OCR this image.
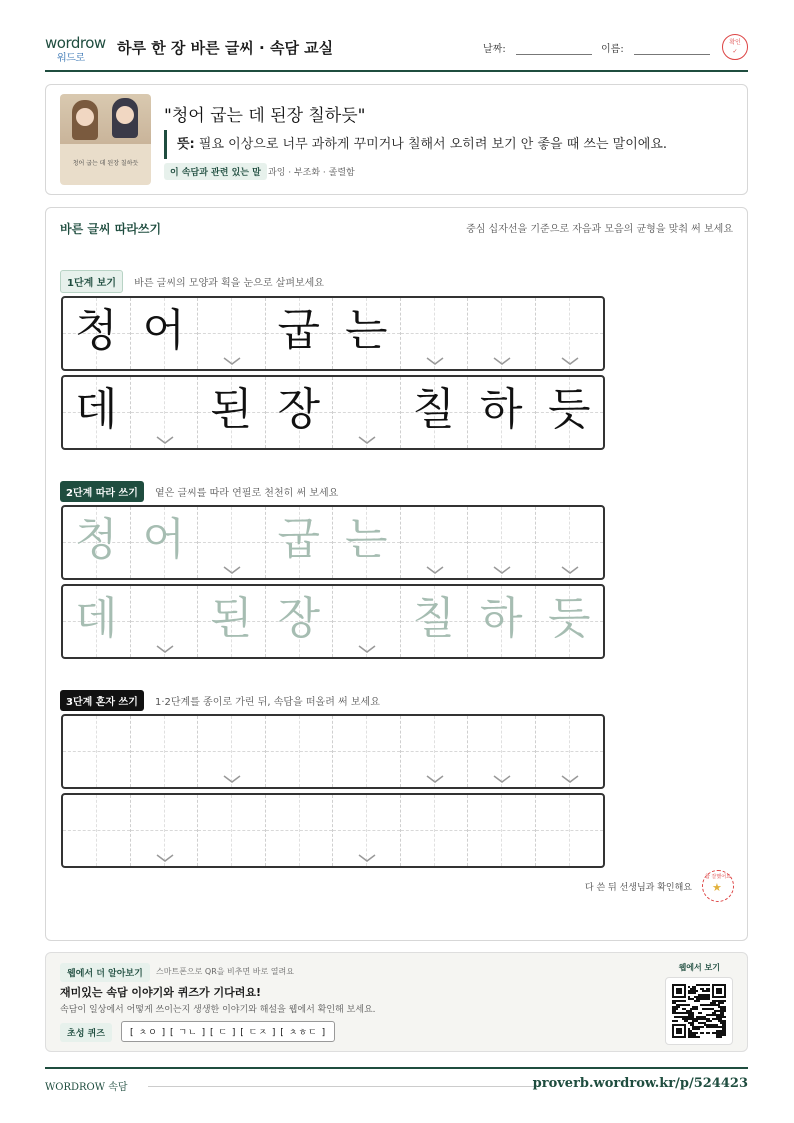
wordrow
워드로
하루 한 장 바른 글씨 · 속담 교실	날짜:	이름:
확인
✓
청어 굽는 데 된장 칠하듯
"청어 굽는 데 된장 칠하듯"
뜻: 필요 이상으로 너무 과하게 꾸미거나 칠해서 오히려 보기 안 좋을 때 쓰는 말이에요.
이 속담과 관련 있는 말 과잉 · 부조화 · 졸렬함
바른 글씨 따라쓰기	중심 십자선을 기준으로 자음과 모음의 균형을 맞춰 써 보세요
1단계 보기 바른 글씨의 모양과 획을 눈으로 살펴보세요
청 어 굽 는
데 된 장 칠 하 듯
2단계 따라 쓰기 옅은 글씨를 따라 연필로 천천히 써 보세요
청 어 굽 는
데 된 장 칠 하 듯
3단계 혼자 쓰기 1·2단계를 종이로 가린 뒤, 속담을 떠올려 써 보세요
다 쓴 뒤 선생님과 확인해요
참 잘했어요
★
웹에서 더 알아보기	스마트폰으로 QR을 비추면 바로 열려요
재미있는 속담 이야기와 퀴즈가 기다려요!
속담이 일상에서 어떻게 쓰이는지 생생한 이야기와 해설을 웹에서 확인해 보세요.
초성 퀴즈	[ ㅊㅇ ] [ ㄱㄴ ] [ ㄷ ] [ ㄷㅈ ] [ ㅊㅎㄷ ]
웹에서 보기
WORDROW 속담	proverb.wordrow.kr/p/524423
